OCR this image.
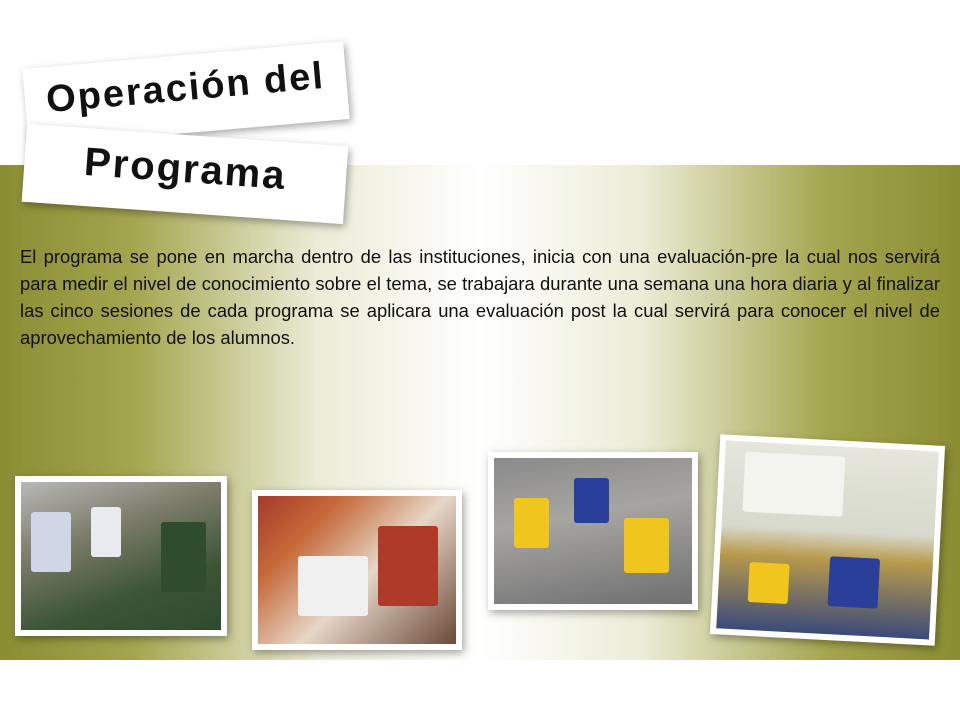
Operación del
Programa

El programa se pone en marcha dentro de las instituciones, inicia con una evaluación-pre la cual nos servirá para medir el nivel de conocimiento sobre el tema, se trabajara durante una semana una hora diaria y al finalizar las cinco sesiones de cada programa se aplicara una evaluación post la cual servirá para conocer el nivel de aprovechamiento de los alumnos.
